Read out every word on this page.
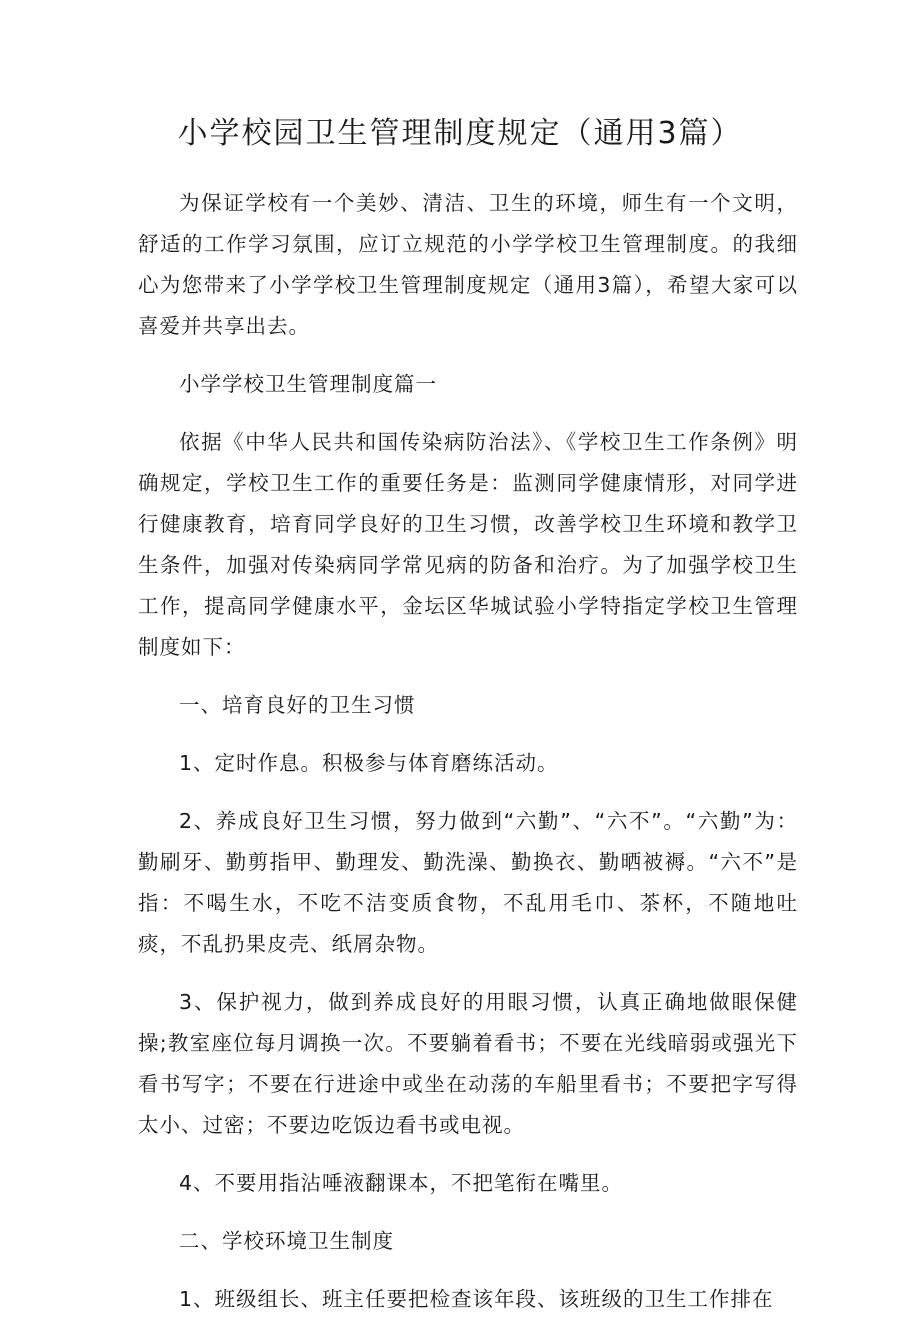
小学校园卫生管理制度规定（通用3篇）

为保证学校有一个美妙、清洁、卫生的环境，师生有一个文明，舒适的工作学习氛围，应订立规范的小学学校卫生管理制度。的我细心为您带来了小学学校卫生管理制度规定（通用3篇），希望大家可以喜爱并共享出去。

小学学校卫生管理制度篇一

依据《中华人民共和国传染病防治法》、《学校卫生工作条例》明确规定，学校卫生工作的重要任务是：监测同学健康情形，对同学进行健康教育，培育同学良好的卫生习惯，改善学校卫生环境和教学卫生条件，加强对传染病同学常见病的防备和治疗。为了加强学校卫生工作，提高同学健康水平，金坛区华城试验小学特指定学校卫生管理制度如下：

一、培育良好的卫生习惯

1、定时作息。积极参与体育磨练活动。

2、养成良好卫生习惯，努力做到“六勤”、“六不”。“六勤”为：勤刷牙、勤剪指甲、勤理发、勤洗澡、勤换衣、勤晒被褥。“六不”是指：不喝生水，不吃不洁变质食物，不乱用毛巾、茶杯，不随地吐痰，不乱扔果皮壳、纸屑杂物。

3、保护视力，做到养成良好的用眼习惯，认真正确地做眼保健操;教室座位每月调换一次。不要躺着看书；不要在光线暗弱或强光下看书写字；不要在行进途中或坐在动荡的车船里看书；不要把字写得太小、过密；不要边吃饭边看书或电视。

4、不要用指沾唾液翻课本，不把笔衔在嘴里。

二、学校环境卫生制度

1、班级组长、班主任要把检查该年段、该班级的卫生工作排在
